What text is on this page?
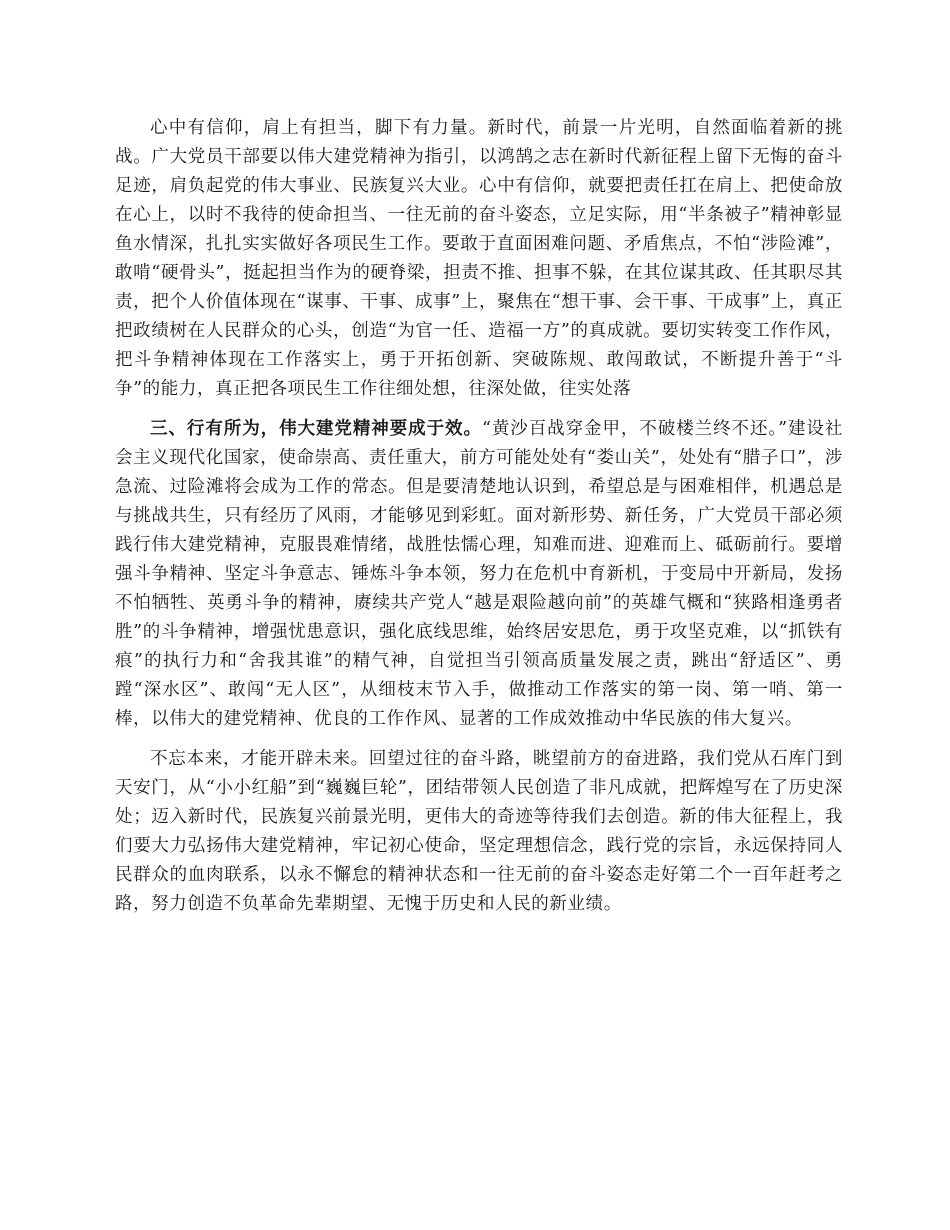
心中有信仰，肩上有担当，脚下有力量。新时代，前景一片光明，自然面临着新的挑战。广大党员干部要以伟大建党精神为指引，以鸿鹄之志在新时代新征程上留下无悔的奋斗足迹，肩负起党的伟大事业、民族复兴大业。心中有信仰，就要把责任扛在肩上、把使命放在心上，以时不我待的使命担当、一往无前的奋斗姿态，立足实际，用“半条被子”精神彰显鱼水情深，扎扎实实做好各项民生工作。要敢于直面困难问题、矛盾焦点，不怕“涉险滩”，敢啃“硬骨头”，挺起担当作为的硬脊梁，担责不推、担事不躲，在其位谋其政、任其职尽其责，把个人价值体现在“谋事、干事、成事”上，聚焦在“想干事、会干事、干成事”上，真正把政绩树在人民群众的心头，创造“为官一任、造福一方”的真成就。要切实转变工作作风，把斗争精神体现在工作落实上，勇于开拓创新、突破陈规、敢闯敢试，不断提升善于“斗争”的能力，真正把各项民生工作往细处想，往深处做，往实处落

三、行有所为，伟大建党精神要成于效。“黄沙百战穿金甲，不破楼兰终不还。”建设社会主义现代化国家，使命崇高、责任重大，前方可能处处有“娄山关”，处处有“腊子口”，涉急流、过险滩将会成为工作的常态。但是要清楚地认识到，希望总是与困难相伴，机遇总是与挑战共生，只有经历了风雨，才能够见到彩虹。面对新形势、新任务，广大党员干部必须践行伟大建党精神，克服畏难情绪，战胜怯懦心理，知难而进、迎难而上、砥砺前行。要增强斗争精神、坚定斗争意志、锤炼斗争本领，努力在危机中育新机，于变局中开新局，发扬不怕牺牲、英勇斗争的精神，赓续共产党人“越是艰险越向前”的英雄气概和“狭路相逢勇者胜”的斗争精神，增强忧患意识，强化底线思维，始终居安思危，勇于攻坚克难，以“抓铁有痕”的执行力和“舍我其谁”的精气神，自觉担当引领高质量发展之责，跳出“舒适区”、勇蹚“深水区”、敢闯“无人区”，从细枝末节入手，做推动工作落实的第一岗、第一哨、第一棒，以伟大的建党精神、优良的工作作风、显著的工作成效推动中华民族的伟大复兴。

不忘本来，才能开辟未来。回望过往的奋斗路，眺望前方的奋进路，我们党从石库门到天安门，从“小小红船”到“巍巍巨轮”，团结带领人民创造了非凡成就，把辉煌写在了历史深处；迈入新时代，民族复兴前景光明，更伟大的奇迹等待我们去创造。新的伟大征程上，我们要大力弘扬伟大建党精神，牢记初心使命，坚定理想信念，践行党的宗旨，永远保持同人民群众的血肉联系，以永不懈怠的精神状态和一往无前的奋斗姿态走好第二个一百年赶考之路，努力创造不负革命先辈期望、无愧于历史和人民的新业绩。
